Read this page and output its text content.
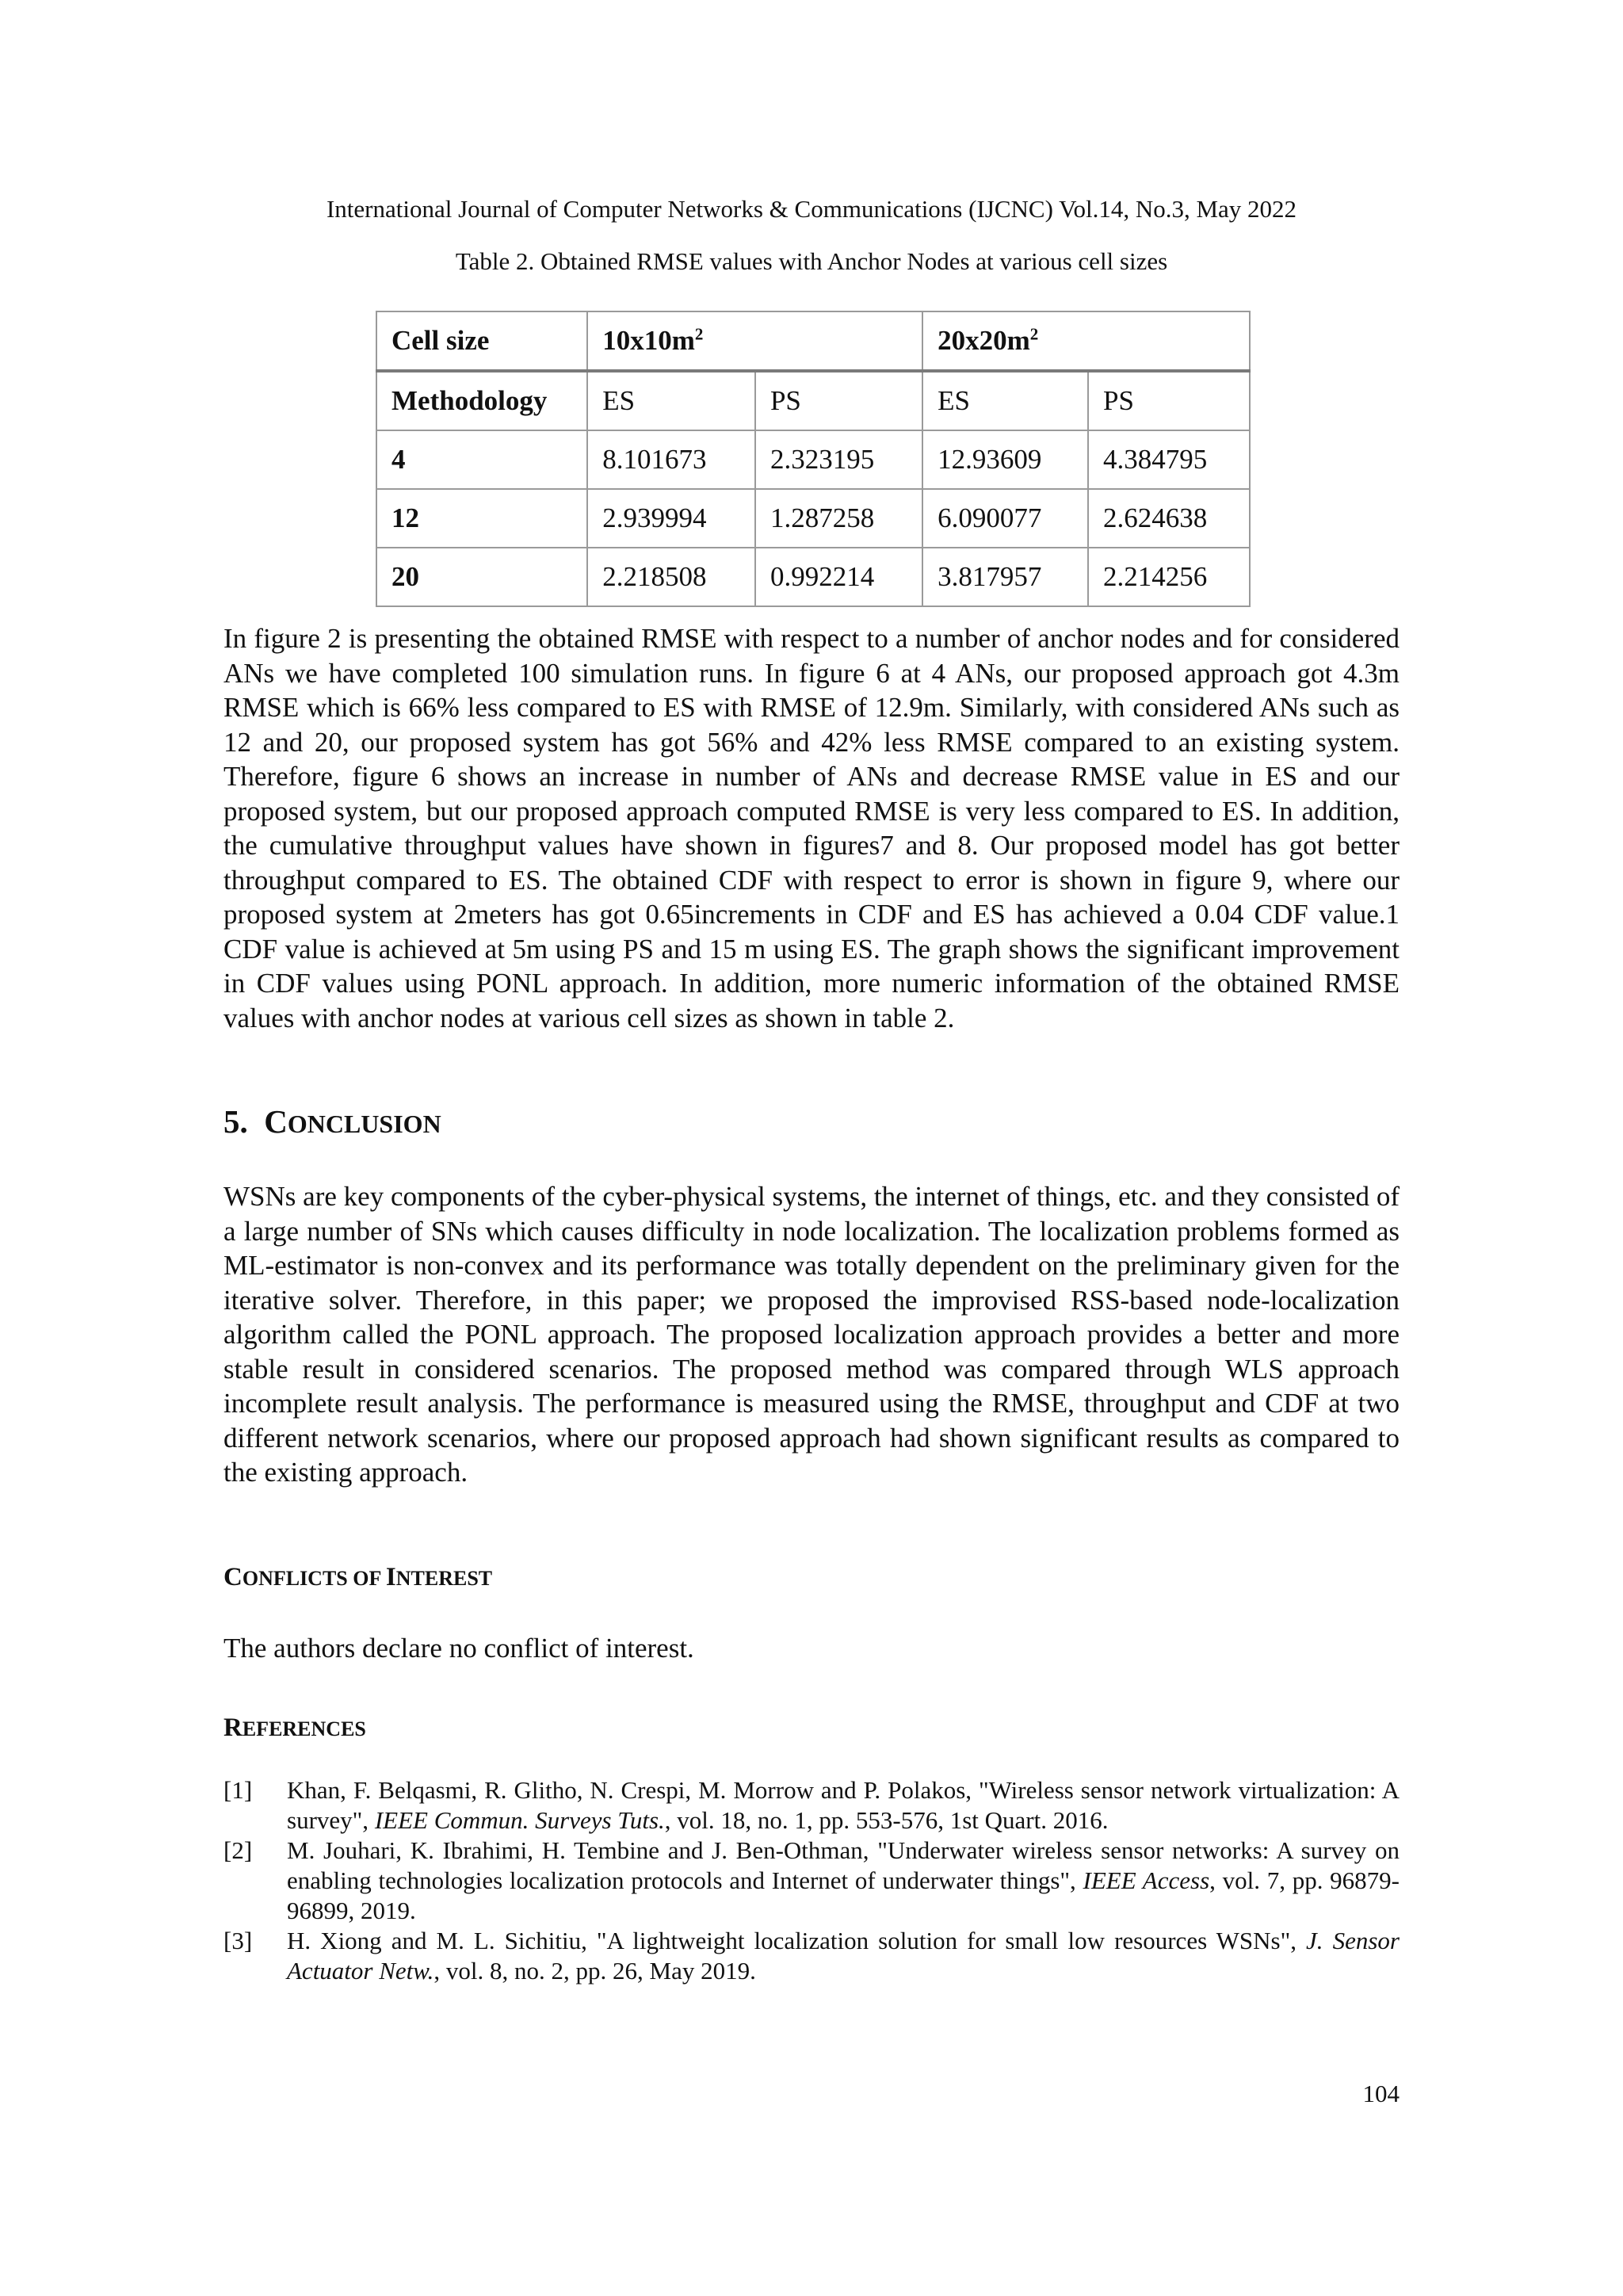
International Journal of Computer Networks & Communications (IJCNC) Vol.14, No.3, May 2022
Table 2. Obtained RMSE values with Anchor Nodes at various cell sizes
Cell size	$10x10m^2$		$20x20m^2$
Methodology	ES	PS	ES	PS
4	8.101673	2.323195	12.93609	4.384795
12	2.939994	1.287258	6.090077	2.624638
20	2.218508	0.992214	3.817957	2.214256

In figure 2 is presenting the obtained RMSE with respect to a number of anchor nodes and for considered ANs we have completed 100 simulation runs. In figure 6 at 4 ANs, our proposed approach got 4.3m RMSE which is 66% less compared to ES with RMSE of 12.9m. Similarly, with considered ANs such as 12 and 20, our proposed system has got 56% and 42% less RMSE compared to an existing system. Therefore, figure 6 shows an increase in number of ANs and decrease RMSE value in ES and our proposed system, but our proposed approach computed RMSE is very less compared to ES. In addition, the cumulative throughput values have shown in figures7 and 8. Our proposed model has got better throughput compared to ES. The obtained CDF with respect to error is shown in figure 9, where our proposed system at 2meters has got 0.65increments in CDF and ES has achieved a 0.04 CDF value.1 CDF value is achieved at 5m using PS and 15 m using ES. The graph shows the significant improvement in CDF values using PONL approach. In addition, more numeric information of the obtained RMSE values with anchor nodes at various cell sizes as shown in table 2.

5. CONCLUSION

WSNs are key components of the cyber-physical systems, the internet of things, etc. and they consisted of a large number of SNs which causes difficulty in node localization. The localization problems formed as ML-estimator is non-convex and its performance was totally dependent on the preliminary given for the iterative solver. Therefore, in this paper; we proposed the improvised RSS-based node-localization algorithm called the PONL approach. The proposed localization approach provides a better and more stable result in considered scenarios. The proposed method was compared through WLS approach incomplete result analysis. The performance is measured using the RMSE, throughput and CDF at two different network scenarios, where our proposed approach had shown significant results as compared to the existing approach.

CONFLICTS OF INTEREST

The authors declare no conflict of interest.

REFERENCES
[1] Khan, F. Belqasmi, R. Glitho, N. Crespi, M. Morrow and P. Polakos, "Wireless sensor network virtualization: A survey", IEEE Commun. Surveys Tuts., vol. 18, no. 1, pp. 553-576, 1st Quart. 2016.
[2] M. Jouhari, K. Ibrahimi, H. Tembine and J. Ben-Othman, "Underwater wireless sensor networks: A survey on enabling technologies localization protocols and Internet of underwater things", IEEE Access, vol. 7, pp. 96879-96899, 2019.
[3] H. Xiong and M. L. Sichitiu, "A lightweight localization solution for small low resources WSNs", J. Sensor Actuator Netw., vol. 8, no. 2, pp. 26, May 2019.
104
